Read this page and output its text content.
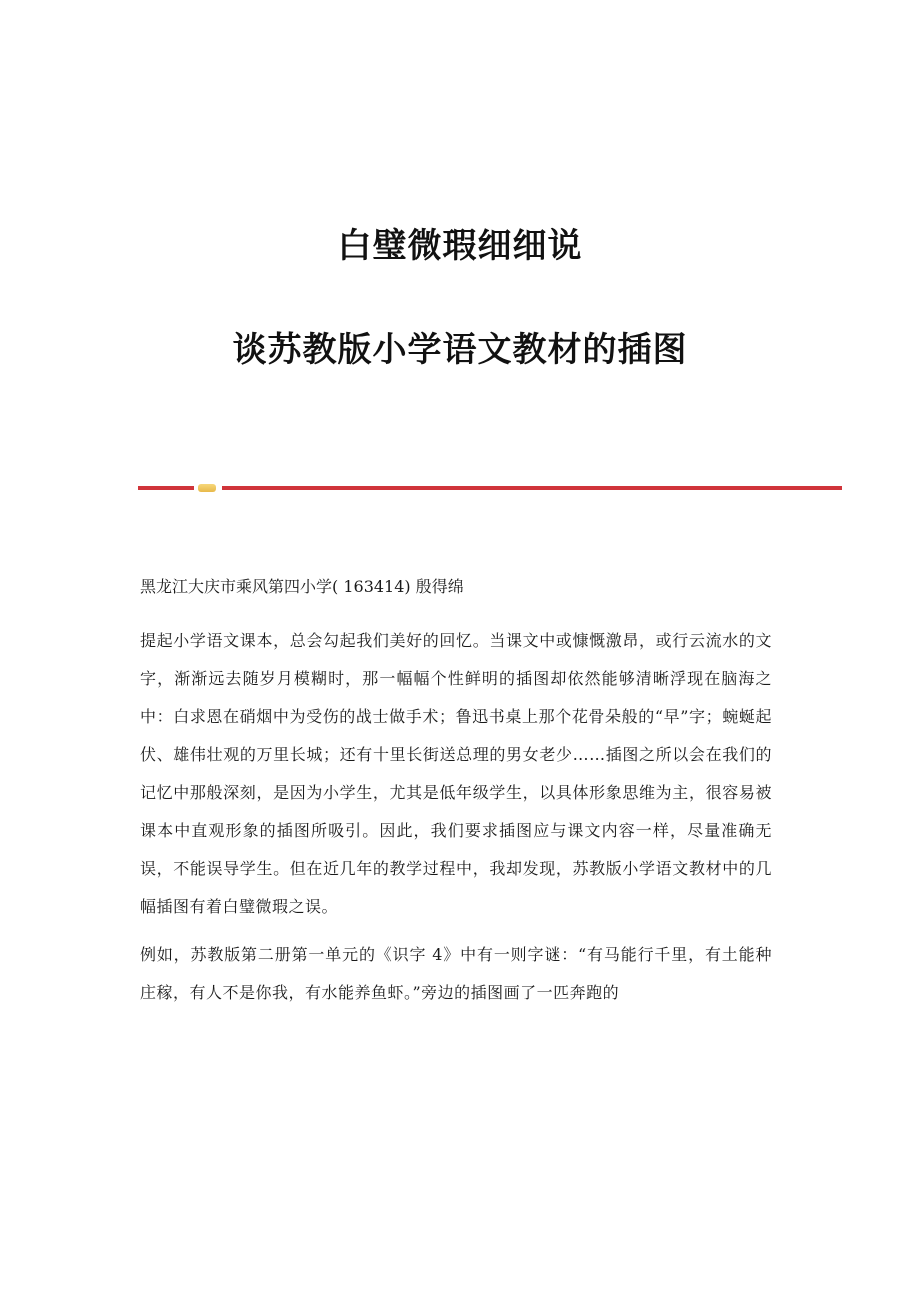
白璧微瑕细细说
谈苏教版小学语文教材的插图

黑龙江大庆市乘风第四小学( 163414) 殷得绵

提起小学语文课本，总会勾起我们美好的回忆。当课文中或慷慨激昂，或行云流水的文字，渐渐远去随岁月模糊时，那一幅幅个性鲜明的插图却依然能够清晰浮现在脑海之中：白求恩在硝烟中为受伤的战士做手术；鲁迅书桌上那个花骨朵般的“早”字；蜿蜒起伏、雄伟壮观的万里长城；还有十里长街送总理的男女老少……插图之所以会在我们的记忆中那般深刻，是因为小学生，尤其是低年级学生，以具体形象思维为主，很容易被课本中直观形象的插图所吸引。因此，我们要求插图应与课文内容一样，尽量准确无误，不能误导学生。但在近几年的教学过程中，我却发现，苏教版小学语文教材中的几幅插图有着白璧微瑕之误。

例如，苏教版第二册第一单元的《识字 4》中有一则字谜：“有马能行千里，有土能种庄稼，有人不是你我，有水能养鱼虾。”旁边的插图画了一匹奔跑的
